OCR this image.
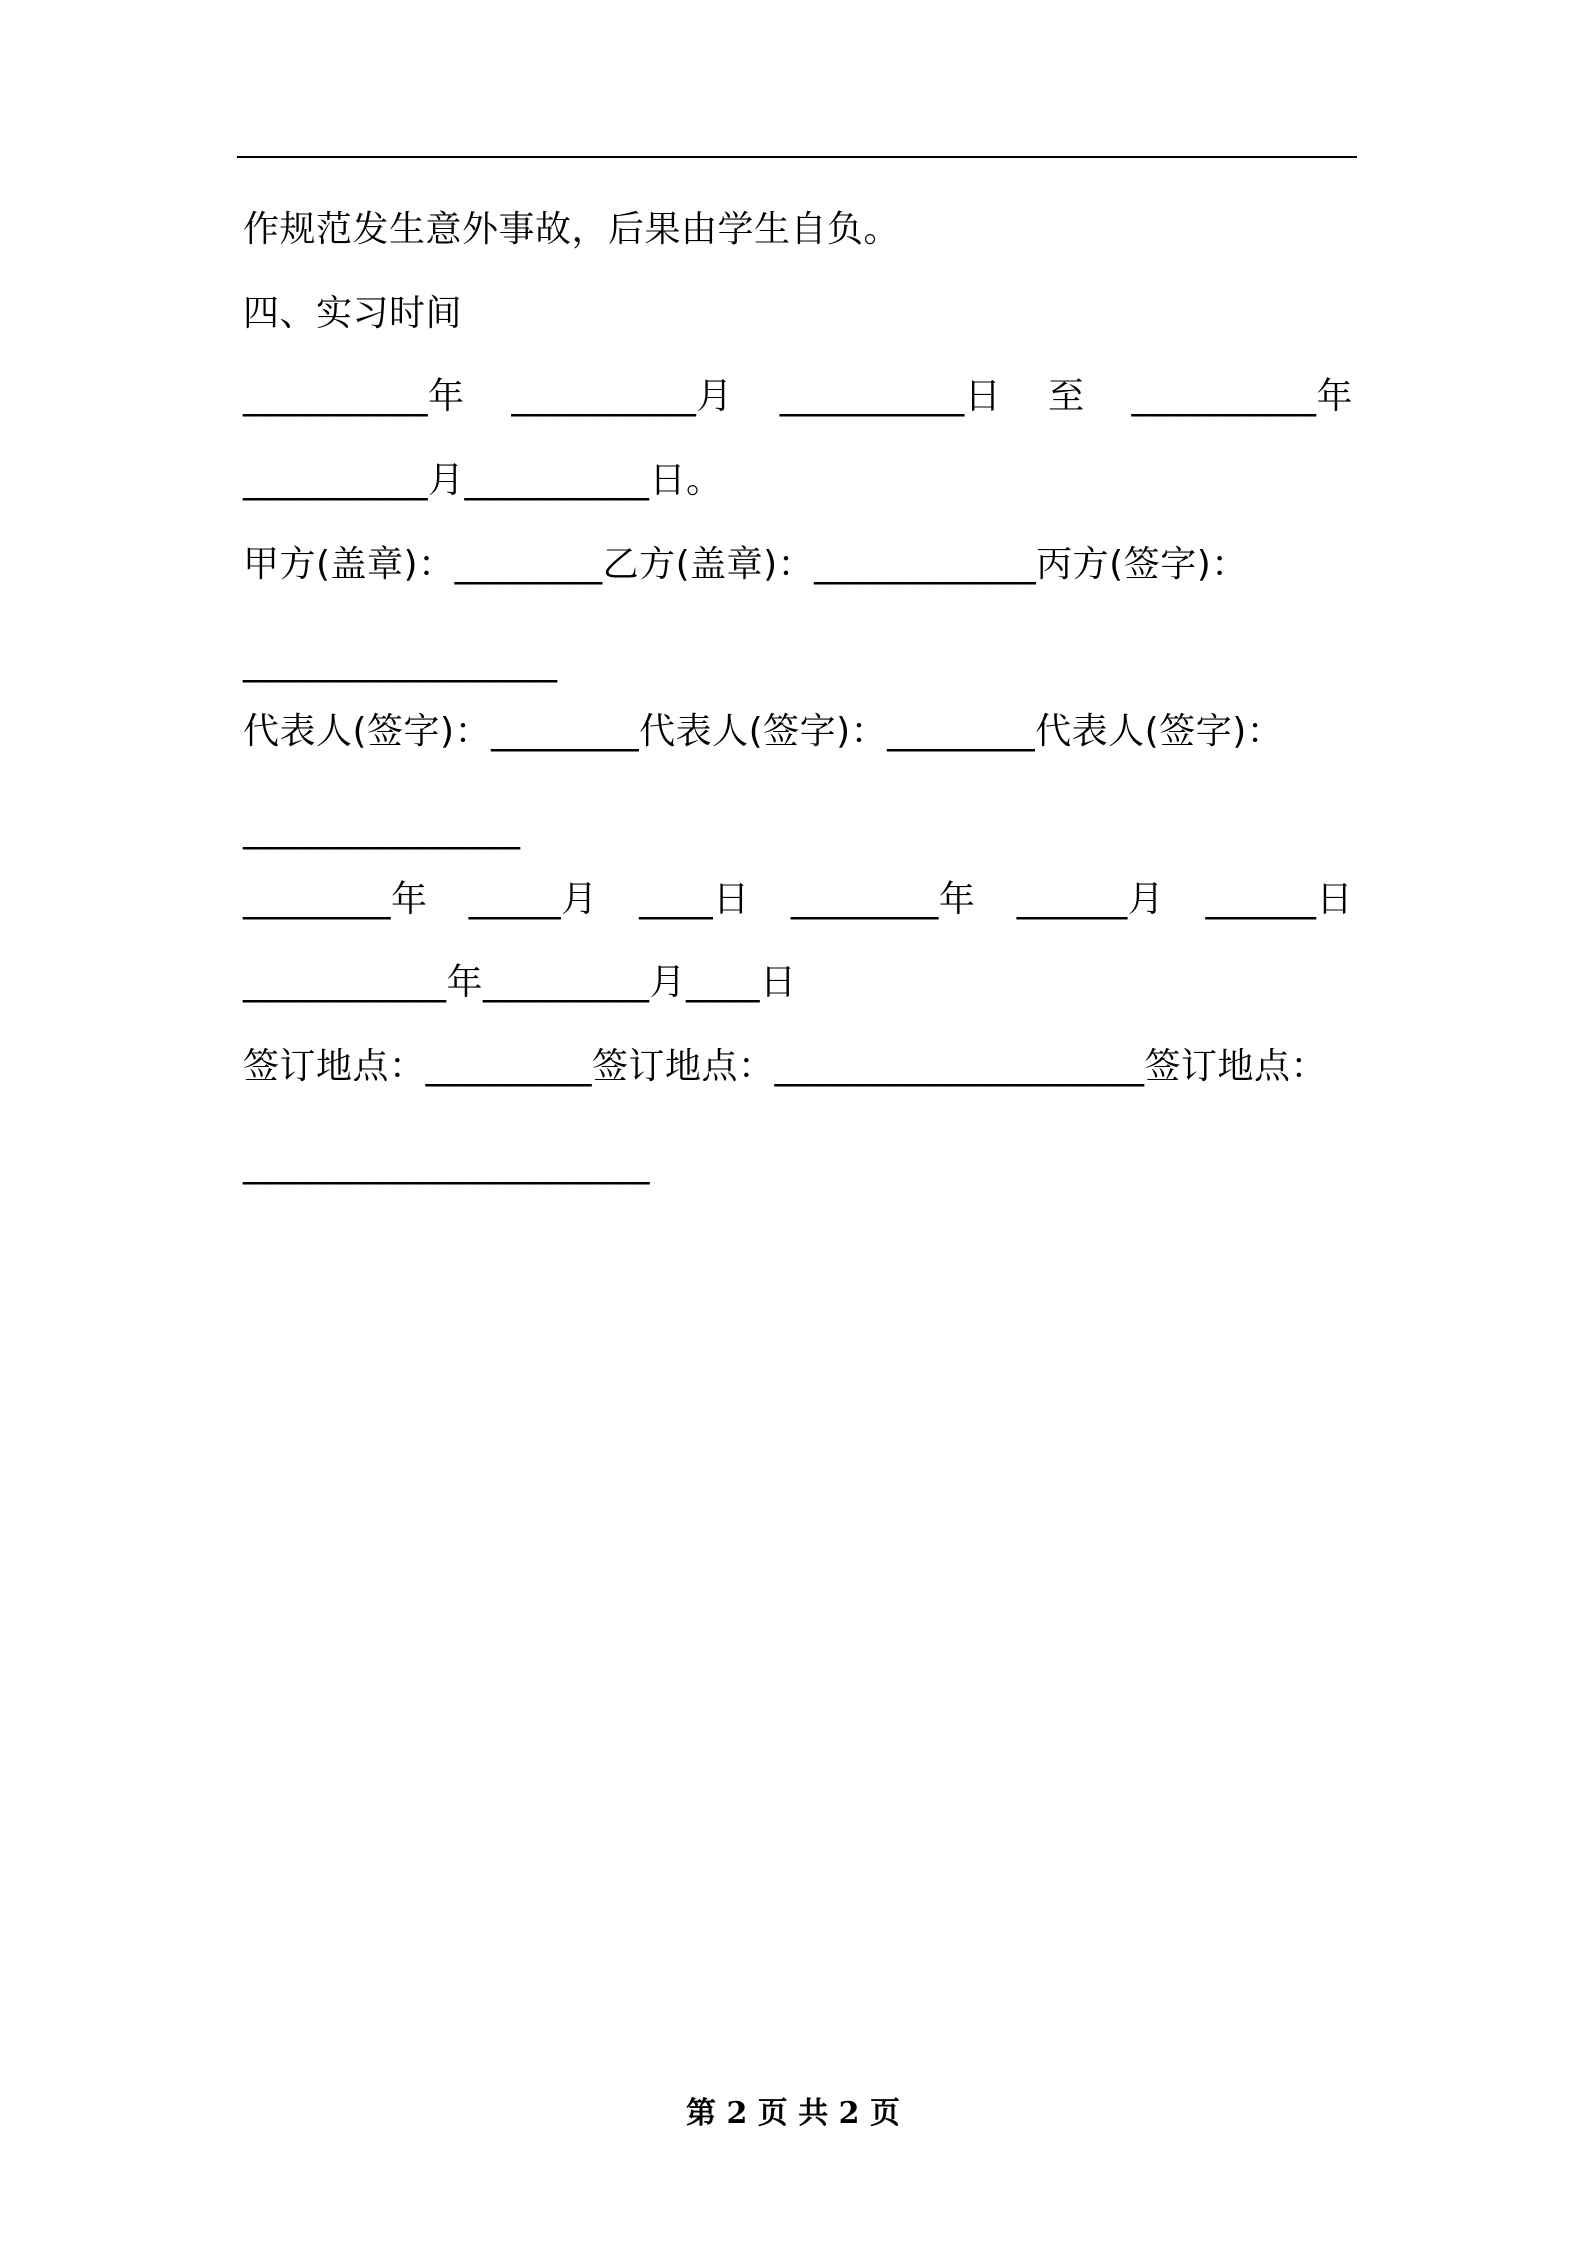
作规范发生意外事故，后果由学生自负。
四、实习时间
__________年 __________月 __________日 至 __________年
__________月__________日。
甲方(盖章)：________乙方(盖章)：____________丙方(签字)：
_________________
代表人(签字)：________代表人(签字)：________代表人(签字)：
_______________
________年 _____月 ____日 ________年 ______月 ______日
___________年_________月____日
签订地点：_________签订地点：____________________签订地点：
______________________
第 2 页 共 2 页
